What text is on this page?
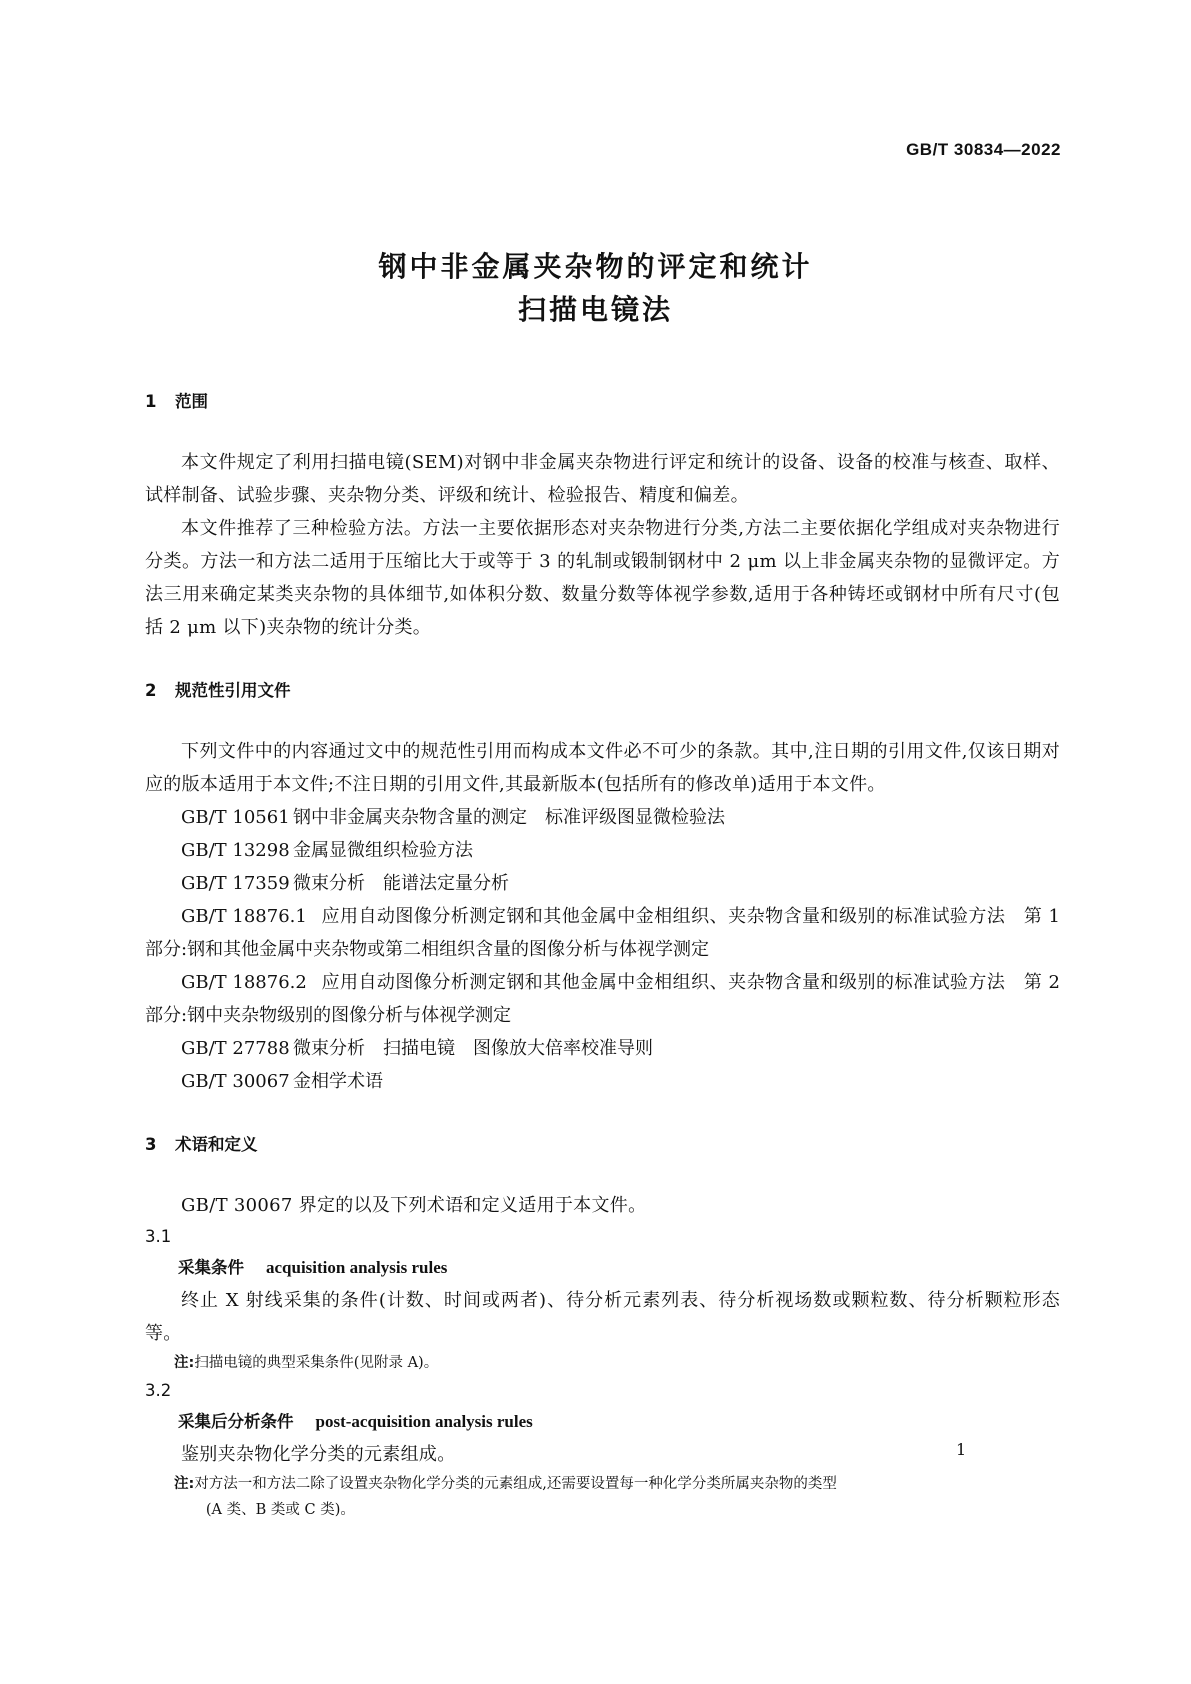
GB/T 30834—2022
钢中非金属夹杂物的评定和统计
扫描电镜法
1 范围

本文件规定了利用扫描电镜(SEM)对钢中非金属夹杂物进行评定和统计的设备、设备的校准与核查、取样、试样制备、试验步骤、夹杂物分类、评级和统计、检验报告、精度和偏差。

本文件推荐了三种检验方法。方法一主要依据形态对夹杂物进行分类,方法二主要依据化学组成对夹杂物进行分类。方法一和方法二适用于压缩比大于或等于 3 的轧制或锻制钢材中 2 μm 以上非金属夹杂物的显微评定。方法三用来确定某类夹杂物的具体细节,如体积分数、数量分数等体视学参数,适用于各种铸坯或钢材中所有尺寸(包括 2 μm 以下)夹杂物的统计分类。

2 规范性引用文件

下列文件中的内容通过文中的规范性引用而构成本文件必不可少的条款。其中,注日期的引用文件,仅该日期对应的版本适用于本文件;不注日期的引用文件,其最新版本(包括所有的修改单)适用于本文件。

GB/T 10561 钢中非金属夹杂物含量的测定　标准评级图显微检验法

GB/T 13298 金属显微组织检验方法

GB/T 17359 微束分析　能谱法定量分析

GB/T 18876.1 应用自动图像分析测定钢和其他金属中金相组织、夹杂物含量和级别的标准试验方法　第 1 部分:钢和其他金属中夹杂物或第二相组织含量的图像分析与体视学测定

GB/T 18876.2 应用自动图像分析测定钢和其他金属中金相组织、夹杂物含量和级别的标准试验方法　第 2 部分:钢中夹杂物级别的图像分析与体视学测定

GB/T 27788 微束分析　扫描电镜　图像放大倍率校准导则

GB/T 30067 金相学术语

3 术语和定义

GB/T 30067 界定的以及下列术语和定义适用于本文件。

3.1

采集条件 acquisition analysis rules

终止 X 射线采集的条件(计数、时间或两者)、待分析元素列表、待分析视场数或颗粒数、待分析颗粒形态等。

注:扫描电镜的典型采集条件(见附录 A)。

3.2

采集后分析条件 post-acquisition analysis rules

鉴别夹杂物化学分类的元素组成。

注:对方法一和方法二除了设置夹杂物化学分类的元素组成,还需要设置每一种化学分类所属夹杂物的类型
(A 类、B 类或 C 类)。

1
